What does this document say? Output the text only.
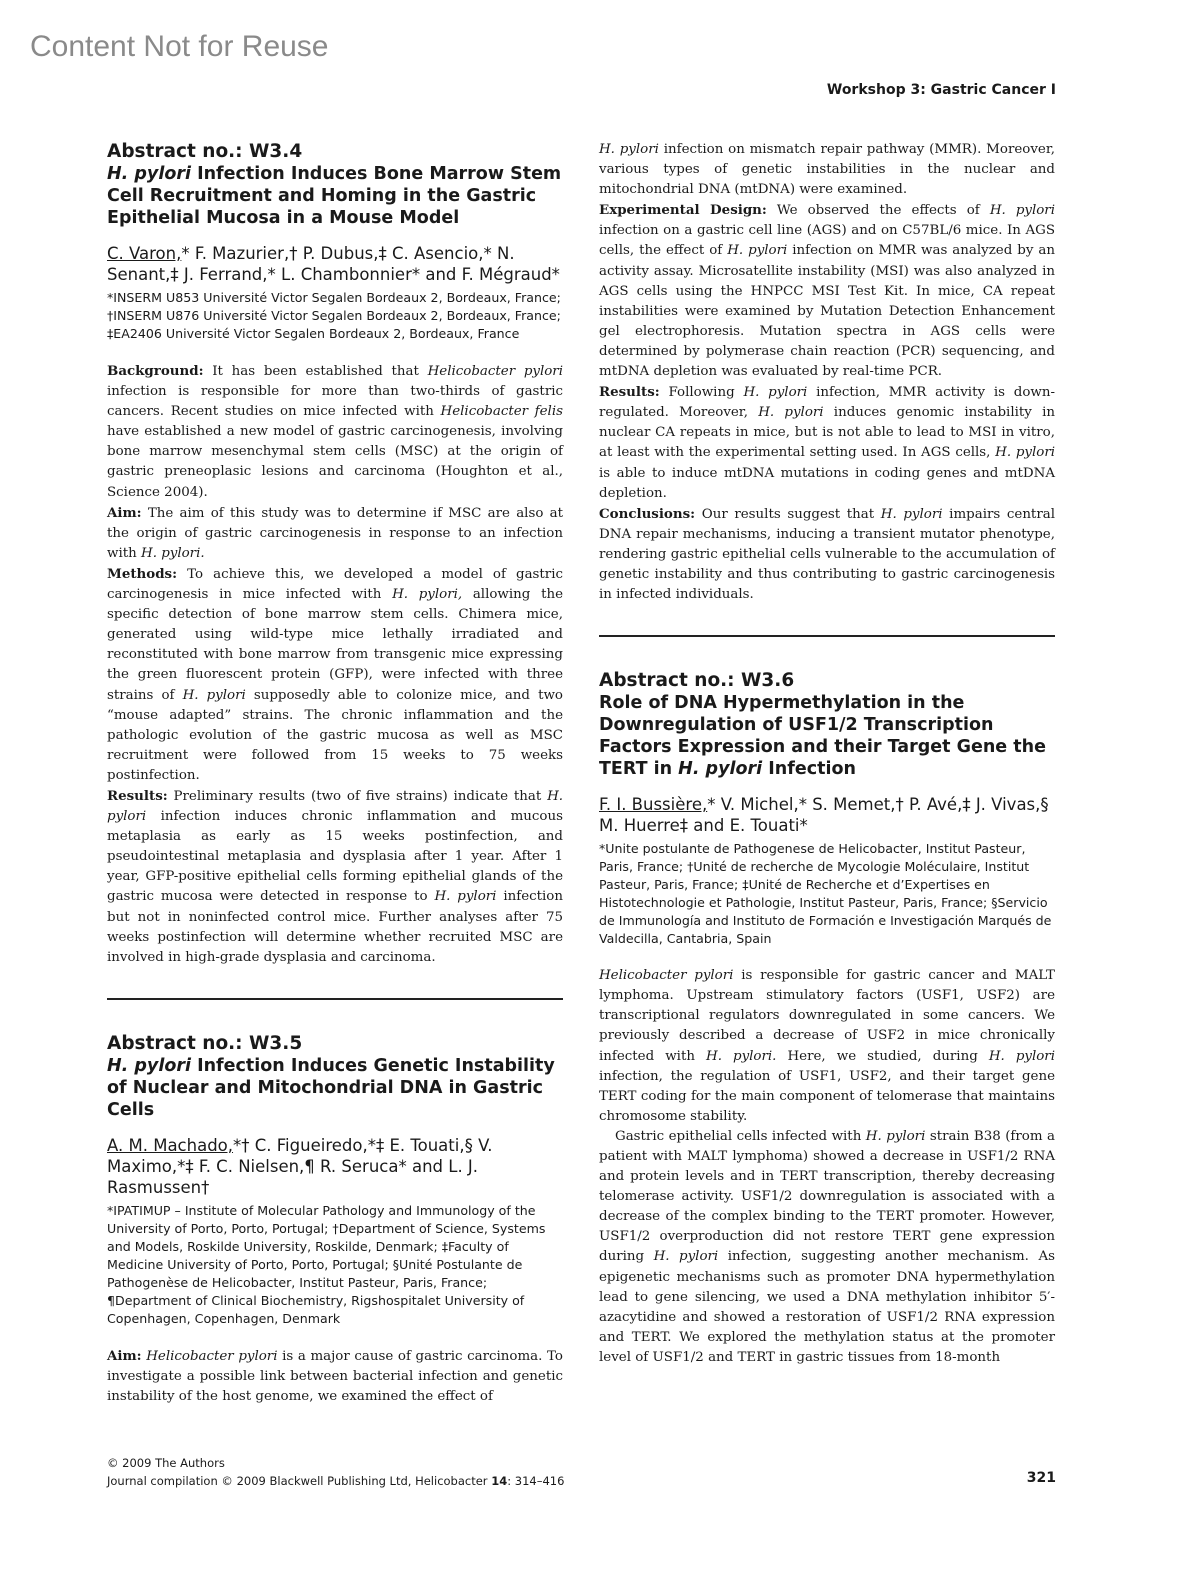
Content Not for Reuse
Workshop 3: Gastric Cancer I
Abstract no.: W3.4
H. pylori Infection Induces Bone Marrow Stem Cell Recruitment and Homing in the Gastric Epithelial Mucosa in a Mouse Model

C. Varon,* F. Mazurier,† P. Dubus,‡ C. Asencio,* N. Senant,‡ J. Ferrand,* L. Chambonnier* and F. Mégraud*

*INSERM U853 Université Victor Segalen Bordeaux 2, Bordeaux, France; †INSERM U876 Université Victor Segalen Bordeaux 2, Bordeaux, France; ‡EA2406 Université Victor Segalen Bordeaux 2, Bordeaux, France

Background: It has been established that Helicobacter pylori infection is responsible for more than two-thirds of gastric cancers. Recent studies on mice infected with Helicobacter felis have established a new model of gastric carcinogenesis, involving bone marrow mesenchymal stem cells (MSC) at the origin of gastric preneoplasic lesions and carcinoma (Houghton et al., Science 2004).

Aim: The aim of this study was to determine if MSC are also at the origin of gastric carcinogenesis in response to an infection with H. pylori.

Methods: To achieve this, we developed a model of gastric carcinogenesis in mice infected with H. pylori, allowing the specific detection of bone marrow stem cells. Chimera mice, generated using wild-type mice lethally irradiated and reconstituted with bone marrow from transgenic mice expressing the green fluorescent protein (GFP), were infected with three strains of H. pylori supposedly able to colonize mice, and two “mouse adapted” strains. The chronic inflammation and the pathologic evolution of the gastric mucosa as well as MSC recruitment were followed from 15 weeks to 75 weeks postinfection.

Results: Preliminary results (two of five strains) indicate that H. pylori infection induces chronic inflammation and mucous metaplasia as early as 15 weeks postinfection, and pseudointestinal metaplasia and dysplasia after 1 year. After 1 year, GFP-positive epithelial cells forming epithelial glands of the gastric mucosa were detected in response to H. pylori infection but not in noninfected control mice. Further analyses after 75 weeks postinfection will determine whether recruited MSC are involved in high-grade dysplasia and carcinoma.

Abstract no.: W3.5
H. pylori Infection Induces Genetic Instability of Nuclear and Mitochondrial DNA in Gastric Cells

A. M. Machado,*† C. Figueiredo,*‡ E. Touati,§ V. Maximo,*‡ F. C. Nielsen,¶ R. Seruca* and L. J. Rasmussen†

*IPATIMUP – Institute of Molecular Pathology and Immunology of the University of Porto, Porto, Portugal; †Department of Science, Systems and Models, Roskilde University, Roskilde, Denmark; ‡Faculty of Medicine University of Porto, Porto, Portugal; §Unité Postulante de Pathogenèse de Helicobacter, Institut Pasteur, Paris, France; ¶Department of Clinical Biochemistry, Rigshospitalet University of Copenhagen, Copenhagen, Denmark

Aim: Helicobacter pylori is a major cause of gastric carcinoma. To investigate a possible link between bacterial infection and genetic instability of the host genome, we examined the effect of

H. pylori infection on mismatch repair pathway (MMR). Moreover, various types of genetic instabilities in the nuclear and mitochondrial DNA (mtDNA) were examined.

Experimental Design: We observed the effects of H. pylori infection on a gastric cell line (AGS) and on C57BL/6 mice. In AGS cells, the effect of H. pylori infection on MMR was analyzed by an activity assay. Microsatellite instability (MSI) was also analyzed in AGS cells using the HNPCC MSI Test Kit. In mice, CA repeat instabilities were examined by Mutation Detection Enhancement gel electrophoresis. Mutation spectra in AGS cells were determined by polymerase chain reaction (PCR) sequencing, and mtDNA depletion was evaluated by real-time PCR.

Results: Following H. pylori infection, MMR activity is down-regulated. Moreover, H. pylori induces genomic instability in nuclear CA repeats in mice, but is not able to lead to MSI in vitro, at least with the experimental setting used. In AGS cells, H. pylori is able to induce mtDNA mutations in coding genes and mtDNA depletion.

Conclusions: Our results suggest that H. pylori impairs central DNA repair mechanisms, inducing a transient mutator phenotype, rendering gastric epithelial cells vulnerable to the accumulation of genetic instability and thus contributing to gastric carcinogenesis in infected individuals.

Abstract no.: W3.6
Role of DNA Hypermethylation in the Downregulation of USF1/2 Transcription Factors Expression and their Target Gene the TERT in H. pylori Infection

F. I. Bussière,* V. Michel,* S. Memet,† P. Avé,‡ J. Vivas,§ M. Huerre‡ and E. Touati*

*Unite postulante de Pathogenese de Helicobacter, Institut Pasteur, Paris, France; †Unité de recherche de Mycologie Moléculaire, Institut Pasteur, Paris, France; ‡Unité de Recherche et d’Expertises en Histotechnologie et Pathologie, Institut Pasteur, Paris, France; §Servicio de Immunología and Instituto de Formación e Investigación Marqués de Valdecilla, Cantabria, Spain

Helicobacter pylori is responsible for gastric cancer and MALT lymphoma. Upstream stimulatory factors (USF1, USF2) are transcriptional regulators downregulated in some cancers. We previously described a decrease of USF2 in mice chronically infected with H. pylori. Here, we studied, during H. pylori infection, the regulation of USF1, USF2, and their target gene TERT coding for the main component of telomerase that maintains chromosome stability.

Gastric epithelial cells infected with H. pylori strain B38 (from a patient with MALT lymphoma) showed a decrease in USF1/2 RNA and protein levels and in TERT transcription, thereby decreasing telomerase activity. USF1/2 downregulation is associated with a decrease of the complex binding to the TERT promoter. However, USF1/2 overproduction did not restore TERT gene expression during H. pylori infection, suggesting another mechanism. As epigenetic mechanisms such as promoter DNA hypermethylation lead to gene silencing, we used a DNA methylation inhibitor 5′-azacytidine and showed a restoration of USF1/2 RNA expression and TERT. We explored the methylation status at the promoter level of USF1/2 and TERT in gastric tissues from 18-month

© 2009 The Authors
Journal compilation © 2009 Blackwell Publishing Ltd, Helicobacter 14: 314–416	321
